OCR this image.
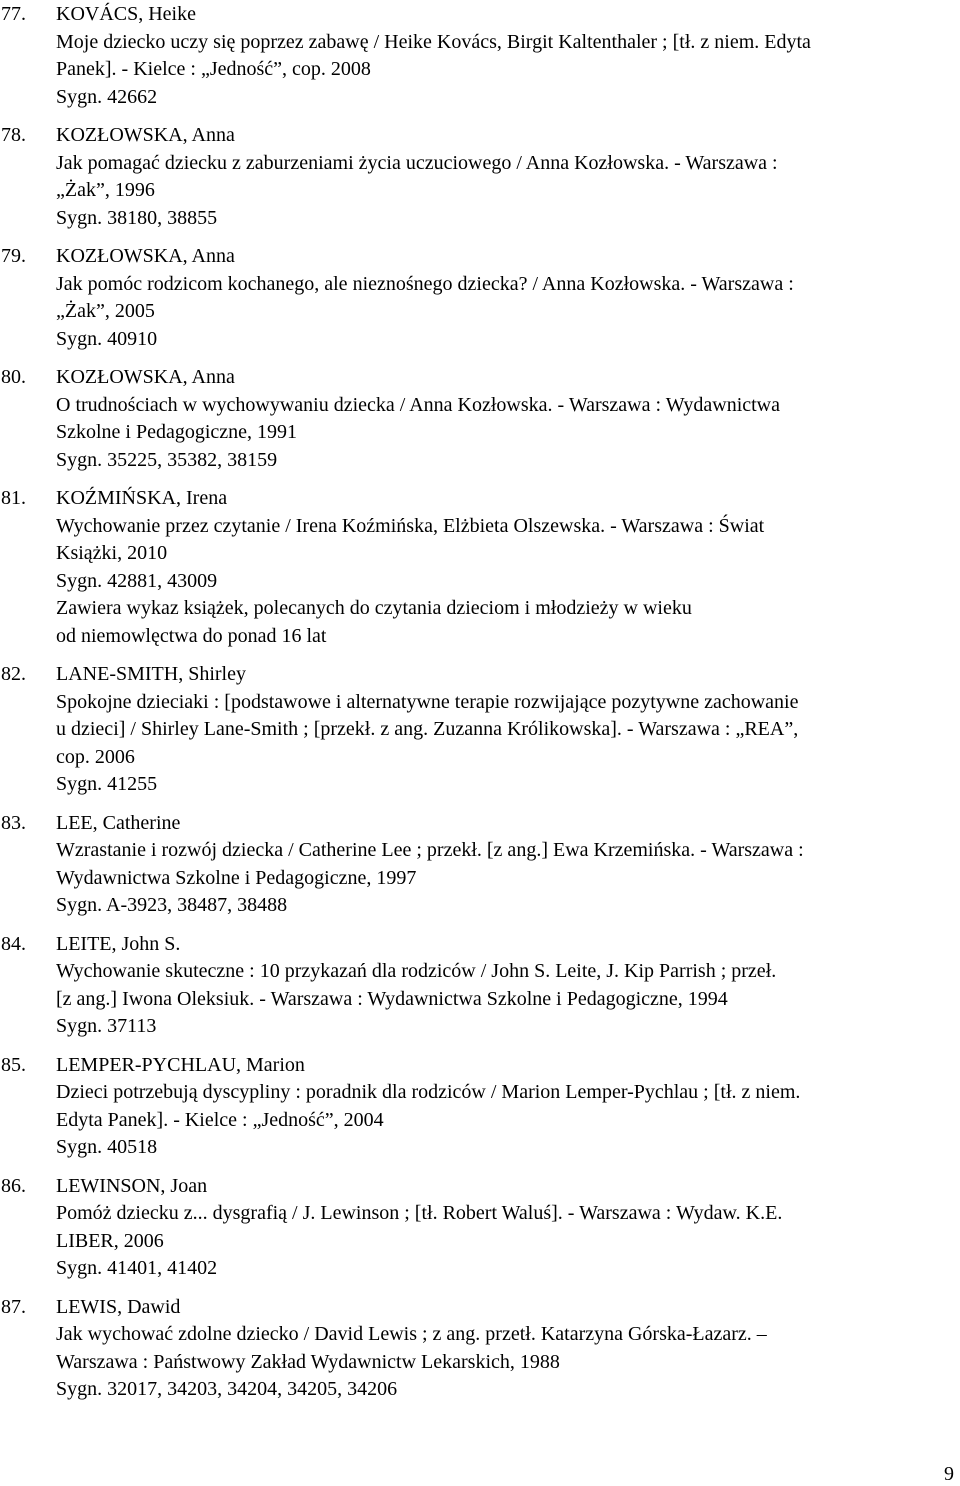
77. KOVÁCS, Heike
Moje dziecko uczy się poprzez zabawę / Heike Kovács, Birgit Kaltenthaler ; [tł. z niem. Edyta
Panek]. - Kielce : „Jedność”, cop. 2008
Sygn. 42662
78. KOZŁOWSKA, Anna
Jak pomagać dziecku z zaburzeniami życia uczuciowego / Anna Kozłowska. - Warszawa :
„Żak”, 1996
Sygn. 38180, 38855
79. KOZŁOWSKA, Anna
Jak pomóc rodzicom kochanego, ale nieznośnego dziecka? / Anna Kozłowska. - Warszawa :
„Żak”, 2005
Sygn. 40910
80. KOZŁOWSKA, Anna
O trudnościach w wychowywaniu dziecka / Anna Kozłowska. - Warszawa : Wydawnictwa
Szkolne i Pedagogiczne, 1991
Sygn. 35225, 35382, 38159
81. KOŹMIŃSKA, Irena
Wychowanie przez czytanie / Irena Koźmińska, Elżbieta Olszewska. - Warszawa : Świat
Książki, 2010
Sygn. 42881, 43009
Zawiera wykaz książek, polecanych do czytania dzieciom i młodzieży w wieku
od niemowlęctwa do ponad 16 lat
82. LANE-SMITH, Shirley
Spokojne dzieciaki : [podstawowe i alternatywne terapie rozwijające pozytywne zachowanie
u dzieci] / Shirley Lane-Smith ; [przekł. z ang. Zuzanna Królikowska]. - Warszawa : „REA”,
cop. 2006
Sygn. 41255
83. LEE, Catherine
Wzrastanie i rozwój dziecka / Catherine Lee ; przekł. [z ang.] Ewa Krzemińska. - Warszawa :
Wydawnictwa Szkolne i Pedagogiczne, 1997
Sygn. A-3923, 38487, 38488
84. LEITE, John S.
Wychowanie skuteczne : 10 przykazań dla rodziców / John S. Leite, J. Kip Parrish ; przeł.
[z ang.] Iwona Oleksiuk. - Warszawa : Wydawnictwa Szkolne i Pedagogiczne, 1994
Sygn. 37113
85. LEMPER-PYCHLAU, Marion
Dzieci potrzebują dyscypliny : poradnik dla rodziców / Marion Lemper-Pychlau ; [tł. z niem.
Edyta Panek]. - Kielce : „Jedność”, 2004
Sygn. 40518
86. LEWINSON, Joan
Pomóż dziecku z... dysgrafią / J. Lewinson ; [tł. Robert Waluś]. - Warszawa : Wydaw. K.E.
LIBER, 2006
Sygn. 41401, 41402
87. LEWIS, Dawid
Jak wychować zdolne dziecko / David Lewis ; z ang. przetł. Katarzyna Górska-Łazarz. –
Warszawa : Państwowy Zakład Wydawnictw Lekarskich, 1988
Sygn. 32017, 34203, 34204, 34205, 34206
9
